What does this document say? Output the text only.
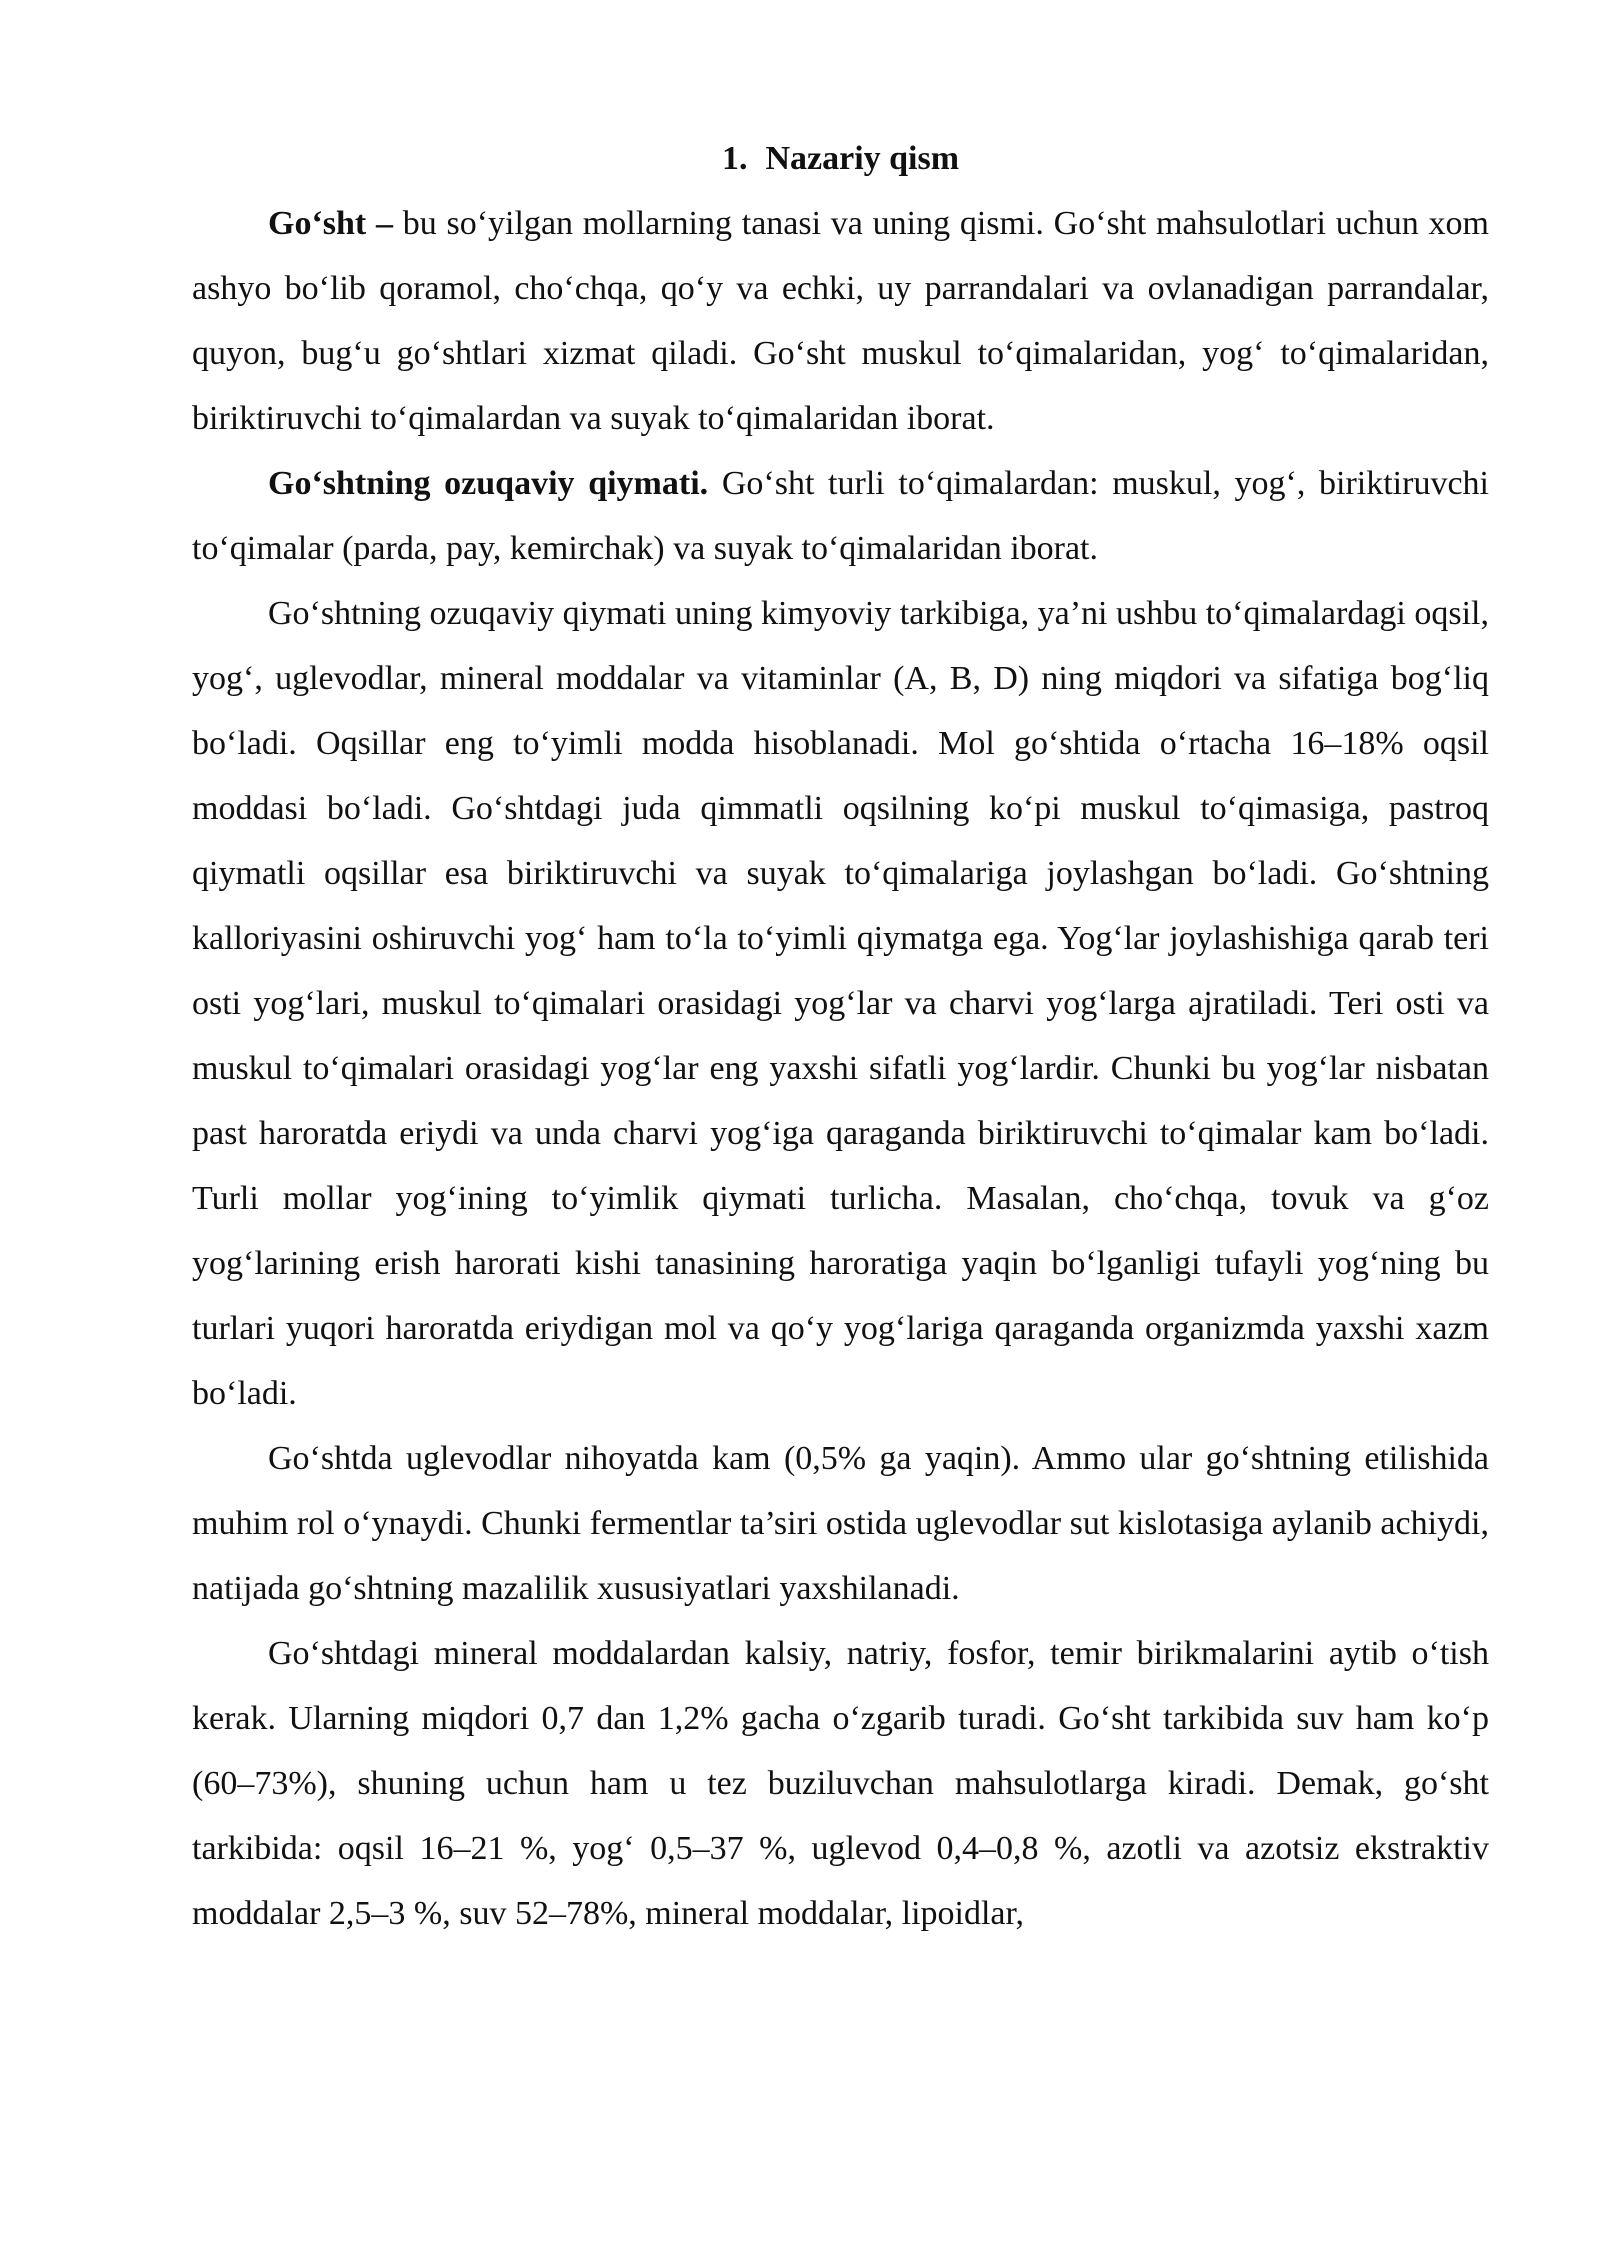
1. Nazariy qism

Go‘sht – bu so‘yilgan mollarning tanasi va uning qismi. Go‘sht mahsulotlari uchun xom ashyo bo‘lib qoramol, cho‘chqa, qo‘y va echki, uy parrandalari va ovlanadigan parrandalar, quyon, bug‘u go‘shtlari xizmat qiladi. Go‘sht muskul to‘qimalaridan, yog‘ to‘qimalaridan, biriktiruvchi to‘qimalardan va suyak to‘qimalaridan iborat.

Go‘shtning ozuqaviy qiymati. Go‘sht turli to‘qimalardan: muskul, yog‘, biriktiruvchi to‘qimalar (parda, pay, kemirchak) va suyak to‘qimalaridan iborat.

Go‘shtning ozuqaviy qiymati uning kimyoviy tarkibiga, ya’ni ushbu to‘qimalardagi oqsil, yog‘, uglevodlar, mineral moddalar va vitaminlar (A, B, D) ning miqdori va sifatiga bog‘liq bo‘ladi. Oqsillar eng to‘yimli modda hisoblanadi. Mol go‘shtida o‘rtacha 16–18% oqsil moddasi bo‘ladi. Go‘shtdagi juda qimmatli oqsilning ko‘pi muskul to‘qimasiga, pastroq qiymatli oqsillar esa biriktiruvchi va suyak to‘qimalariga joylashgan bo‘ladi. Go‘shtning kalloriyasini oshiruvchi yog‘ ham to‘la to‘yimli qiymatga ega. Yog‘lar joylashishiga qarab teri osti yog‘lari, muskul to‘qimalari orasidagi yog‘lar va charvi yog‘larga ajratiladi. Teri osti va muskul to‘qimalari orasidagi yog‘lar eng yaxshi sifatli yog‘lardir. Chunki bu yog‘lar nisbatan past haroratda eriydi va unda charvi yog‘iga qaraganda biriktiruvchi to‘qimalar kam bo‘ladi. Turli mollar yog‘ining to‘yimlik qiymati turlicha. Masalan, cho‘chqa, tovuk va g‘oz yog‘larining erish harorati kishi tanasining haroratiga yaqin bo‘lganligi tufayli yog‘ning bu turlari yuqori haroratda eriydigan mol va qo‘y yog‘lariga qaraganda organizmda yaxshi xazm bo‘ladi.

Go‘shtda uglevodlar nihoyatda kam (0,5% ga yaqin). Ammo ular go‘shtning etilishida muhim rol o‘ynaydi. Chunki fermentlar ta’siri ostida uglevodlar sut kislotasiga aylanib achiydi, natijada go‘shtning mazalilik xususiyatlari yaxshilanadi.

Go‘shtdagi mineral moddalardan kalsiy, natriy, fosfor, temir birikmalarini aytib o‘tish kerak. Ularning miqdori 0,7 dan 1,2% gacha o‘zgarib turadi. Go‘sht tarkibida suv ham ko‘p (60–73%), shuning uchun ham u tez buziluvchan mahsulotlarga kiradi. Demak, go‘sht tarkibida: oqsil 16–21 %, yog‘ 0,5–37 %, uglevod 0,4–0,8 %, azotli va azotsiz ekstraktiv moddalar 2,5–3 %, suv 52–78%, mineral moddalar, lipoidlar,
